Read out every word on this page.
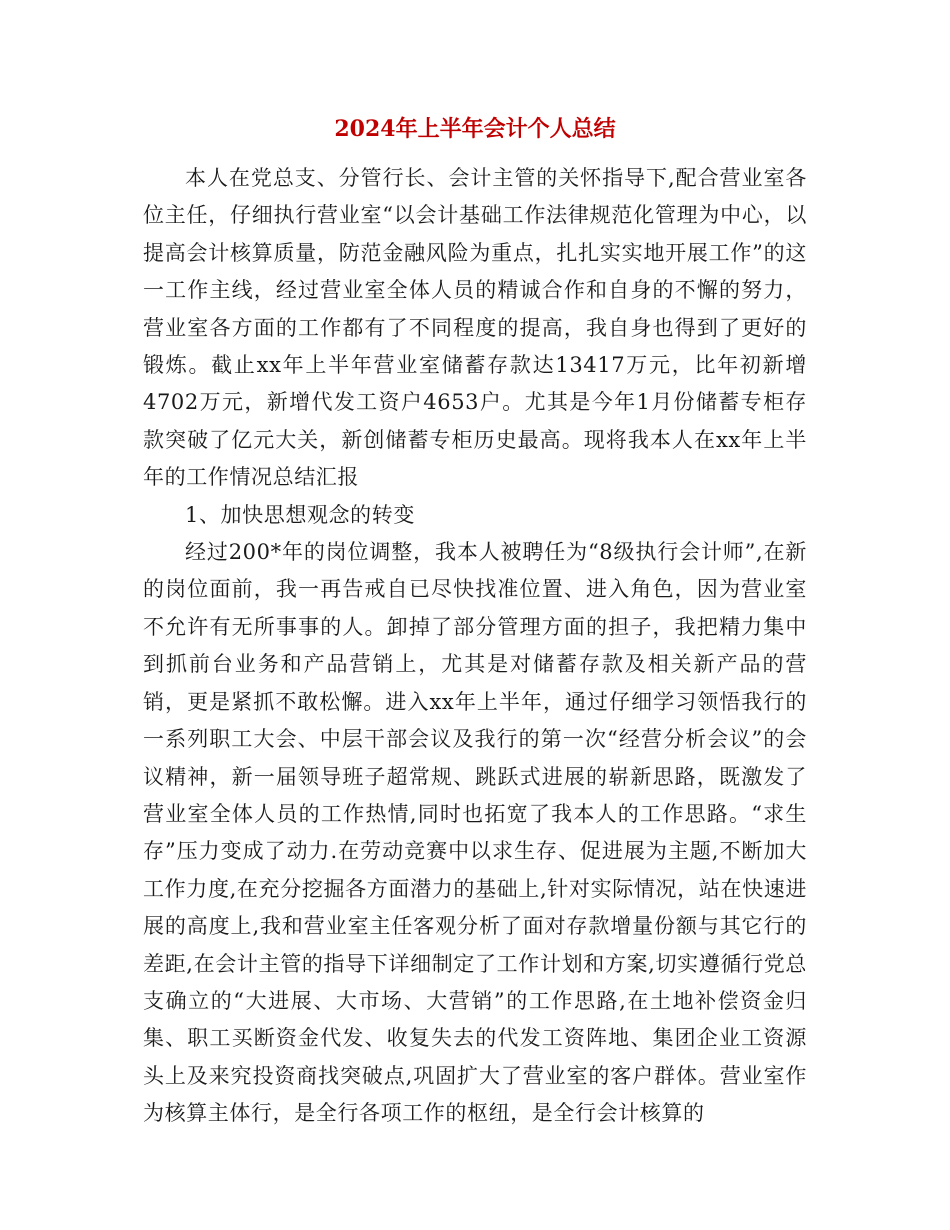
2024年上半年会计个人总结

本人在党总支、分管行长、会计主管的关怀指导下,配合营业室各位主任，仔细执行营业室“以会计基础工作法律规范化管理为中心，以提高会计核算质量，防范金融风险为重点，扎扎实实地开展工作”的这一工作主线，经过营业室全体人员的精诚合作和自身的不懈的努力，营业室各方面的工作都有了不同程度的提高，我自身也得到了更好的锻炼。截止xx年上半年营业室储蓄存款达13417万元，比年初新增4702万元，新增代发工资户4653户。尤其是今年1月份储蓄专柜存款突破了亿元大关，新创储蓄专柜历史最高。现将我本人在xx年上半年的工作情况总结汇报

1、加快思想观念的转变

经过200*年的岗位调整，我本人被聘任为“8级执行会计师”,在新的岗位面前，我一再告戒自已尽快找准位置、进入角色，因为营业室不允许有无所事事的人。卸掉了部分管理方面的担子，我把精力集中到抓前台业务和产品营销上，尤其是对储蓄存款及相关新产品的营销，更是紧抓不敢松懈。进入xx年上半年，通过仔细学习领悟我行的一系列职工大会、中层干部会议及我行的第一次“经营分析会议”的会议精神，新一届领导班子超常规、跳跃式进展的崭新思路，既激发了营业室全体人员的工作热情,同时也拓宽了我本人的工作思路。“求生存”压力变成了动力.在劳动竞赛中以求生存、促进展为主题,不断加大工作力度,在充分挖掘各方面潜力的基础上,针对实际情况，站在快速进展的高度上,我和营业室主任客观分析了面对存款增量份额与其它行的差距,在会计主管的指导下详细制定了工作计划和方案,切实遵循行党总支确立的“大进展、大市场、大营销”的工作思路,在土地补偿资金归集、职工买断资金代发、收复失去的代发工资阵地、集团企业工资源头上及来究投资商找突破点,巩固扩大了营业室的客户群体。营业室作为核算主体行，是全行各项工作的枢纽，是全行会计核算的
